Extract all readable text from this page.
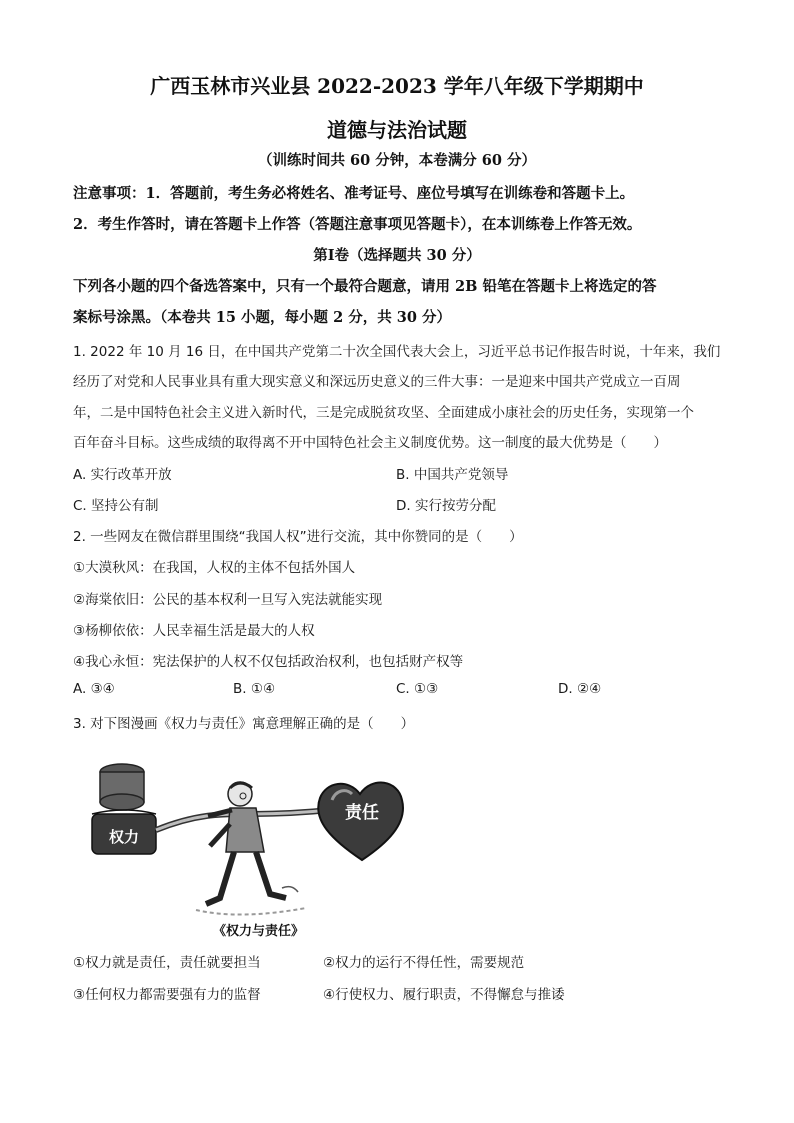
广西玉林市兴业县 2022-2023 学年八年级下学期期中
道德与法治试题
（训练时间共 60 分钟，本卷满分 60 分）
注意事项：1．答题前，考生务必将姓名、准考证号、座位号填写在训练卷和答题卡上。
2．考生作答时，请在答题卡上作答（答题注意事项见答题卡），在本训练卷上作答无效。
第Ⅰ卷（选择题共 30 分）
下列各小题的四个备选答案中，只有一个最符合题意，请用 2B 铅笔在答题卡上将选定的答
案标号涂黑。（本卷共 15 小题，每小题 2 分，共 30 分）
1. 2022 年 10 月 16 日，在中国共产党第二十次全国代表大会上，习近平总书记作报告时说，十年来，我们
经历了对党和人民事业具有重大现实意义和深远历史意义的三件大事：一是迎来中国共产党成立一百周
年，二是中国特色社会主义进入新时代，三是完成脱贫攻坚、全面建成小康社会的历史任务，实现第一个
百年奋斗目标。这些成绩的取得离不开中国特色社会主义制度优势。这一制度的最大优势是（　　）
A. 实行改革开放	B. 中国共产党领导
C. 坚持公有制	D. 实行按劳分配
2. 一些网友在微信群里围绕“我国人权”进行交流，其中你赞同的是（　　）
①大漠秋风：在我国，人权的主体不包括外国人
②海棠依旧：公民的基本权利一旦写入宪法就能实现
③杨柳依依：人民幸福生活是最大的人权
④我心永恒：宪法保护的人权不仅包括政治权利，也包括财产权等
A. ③④	B. ①④	C. ①③	D. ②④
3. 对下图漫画《权力与责任》寓意理解正确的是（　　）
权力
责任
《权力与责任》
①权力就是责任，责任就要担当	②权力的运行不得任性，需要规范
③任何权力都需要强有力的监督	④行使权力、履行职责，不得懈怠与推诿
